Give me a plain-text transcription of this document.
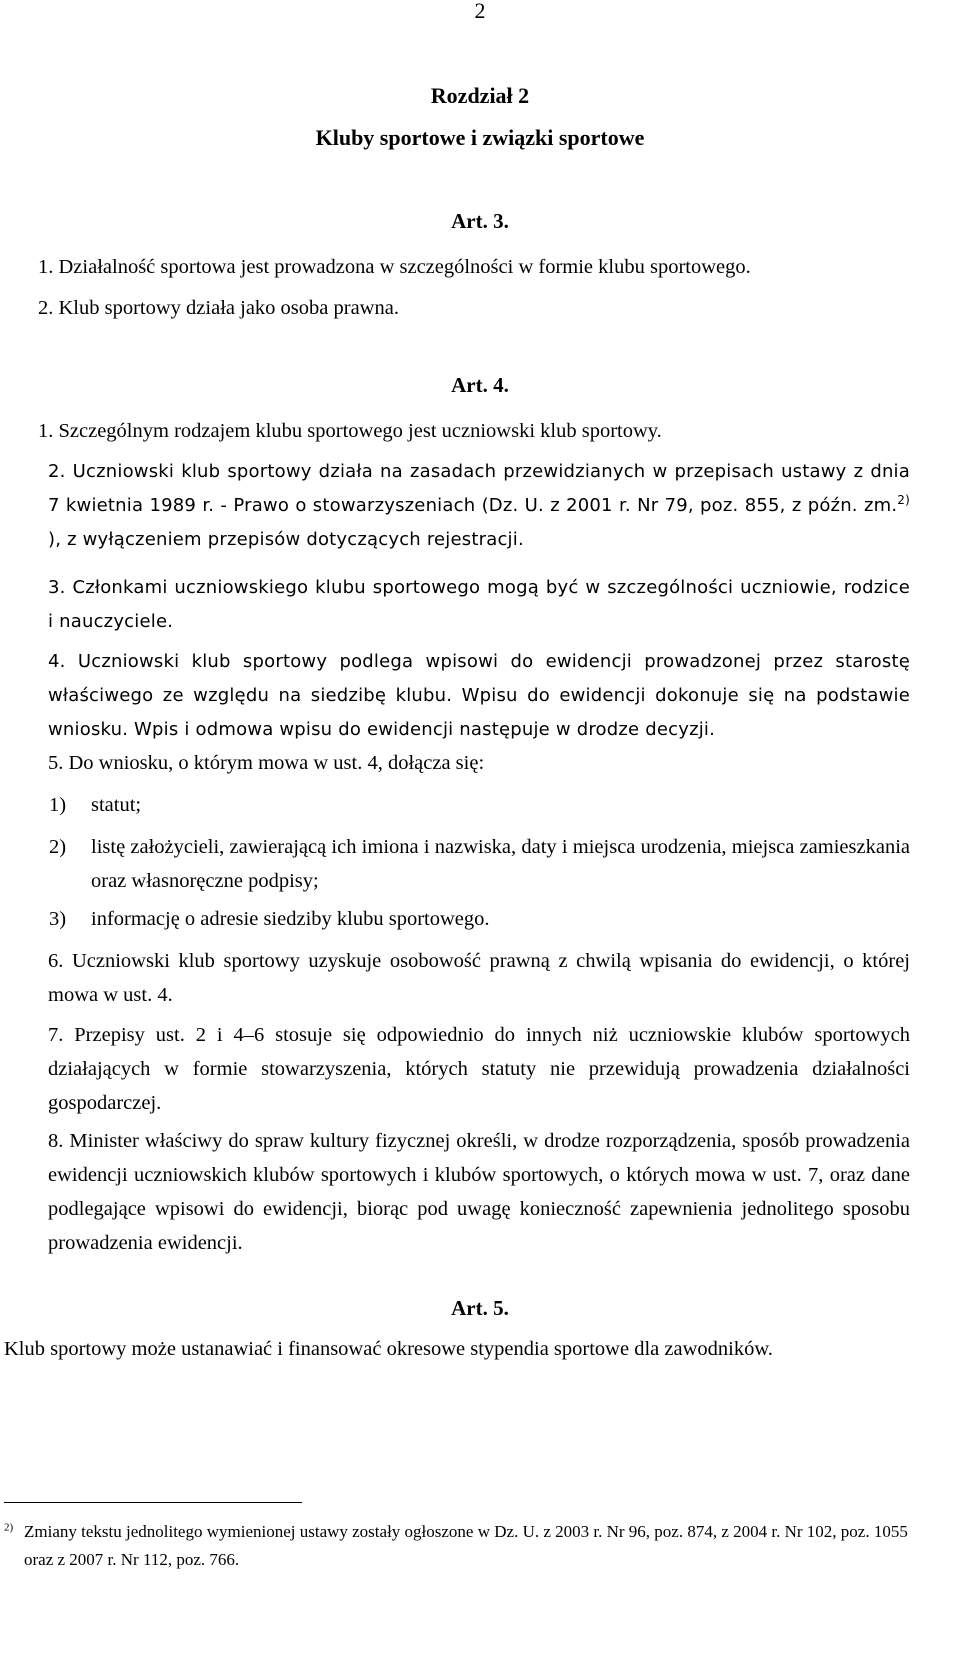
2
Rozdział 2
Kluby sportowe i związki sportowe
Art. 3.
1. Działalność sportowa jest prowadzona w szczególności w formie klubu sportowego.
2. Klub sportowy działa jako osoba prawna.
Art. 4.
1. Szczególnym rodzajem klubu sportowego jest uczniowski klub sportowy.
2. Uczniowski klub sportowy działa na zasadach przewidzianych w przepisach ustawy z dnia 7 kwietnia 1989 r. - Prawo o stowarzyszeniach (Dz. U. z 2001 r. Nr 79, poz. 855, z późn. zm.$^{2)}$ ), z wyłączeniem przepisów dotyczących rejestracji.
3. Członkami uczniowskiego klubu sportowego mogą być w szczególności uczniowie, rodzice i nauczyciele.
4. Uczniowski klub sportowy podlega wpisowi do ewidencji prowadzonej przez starostę właściwego ze względu na siedzibę klubu. Wpisu do ewidencji dokonuje się na podstawie wniosku. Wpis i odmowa wpisu do ewidencji następuje w drodze decyzji.
5. Do wniosku, o którym mowa w ust. 4, dołącza się:
1) statut;
2) listę założycieli, zawierającą ich imiona i nazwiska, daty i miejsca urodzenia, miejsca zamieszkania oraz własnoręczne podpisy;
3) informację o adresie siedziby klubu sportowego.
6. Uczniowski klub sportowy uzyskuje osobowość prawną z chwilą wpisania do ewidencji, o której mowa w ust. 4.
7. Przepisy ust. 2 i 4–6 stosuje się odpowiednio do innych niż uczniowskie klubów sportowych działających w formie stowarzyszenia, których statuty nie przewidują prowadzenia działalności gospodarczej.
8. Minister właściwy do spraw kultury fizycznej określi, w drodze rozporządzenia, sposób prowadzenia ewidencji uczniowskich klubów sportowych i klubów sportowych, o których mowa w ust. 7, oraz dane podlegające wpisowi do ewidencji, biorąc pod uwagę konieczność zapewnienia jednolitego sposobu prowadzenia ewidencji.
Art. 5.
Klub sportowy może ustanawiać i finansować okresowe stypendia sportowe dla zawodników.
$^{2)}$ Zmiany tekstu jednolitego wymienionej ustawy zostały ogłoszone w Dz. U. z 2003 r. Nr 96, poz. 874, z 2004 r. Nr 102, poz. 1055 oraz z 2007 r. Nr 112, poz. 766.
